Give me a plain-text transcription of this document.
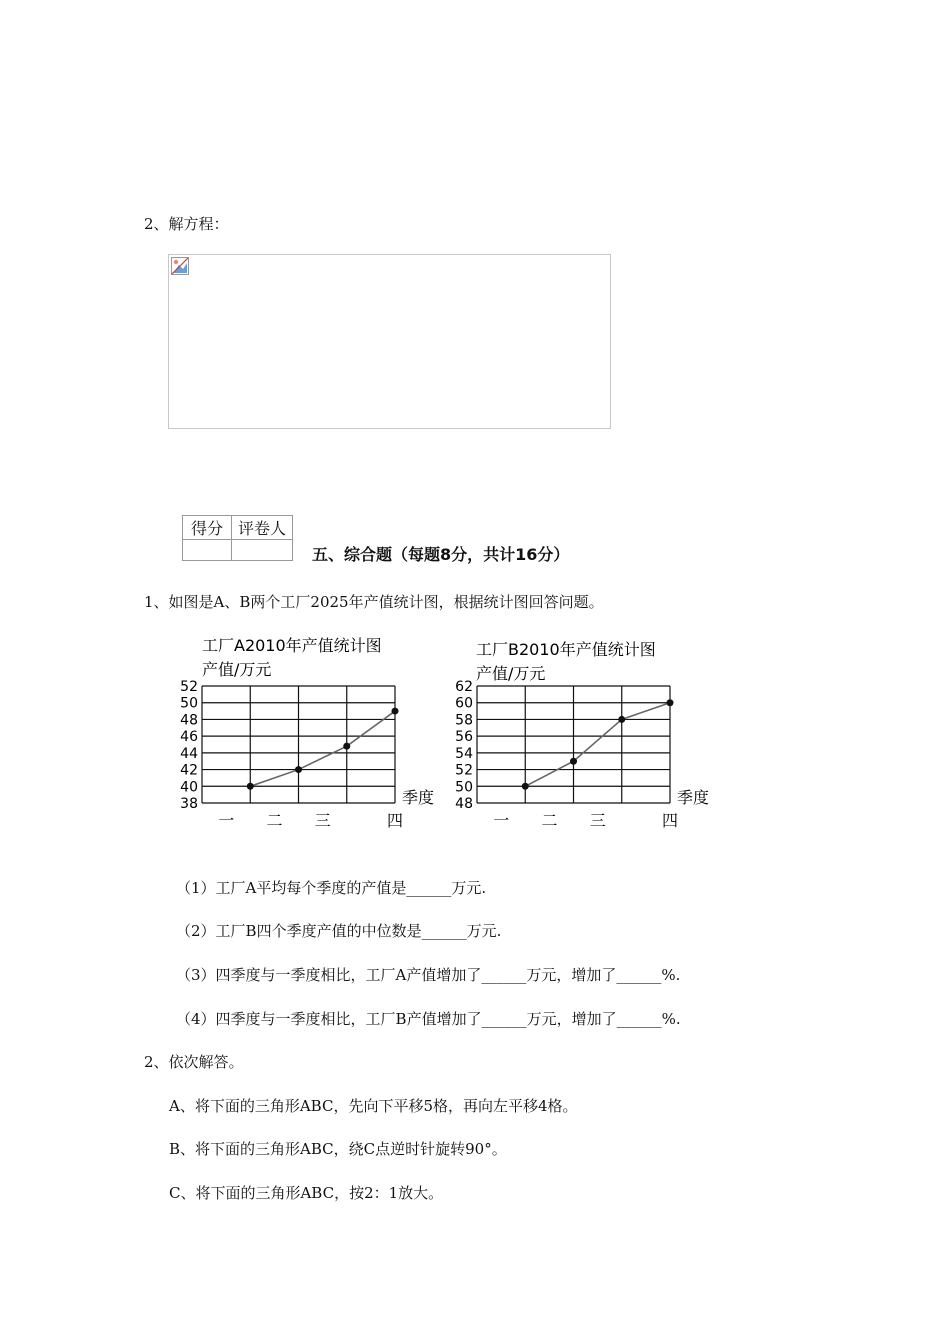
2、解方程：
得分	评卷人

五、综合题（每题8分，共计16分）
1、如图是A、B两个工厂2025年产值统计图，根据统计图回答问题。
工厂A2010年产值统计图
产值/万元
季度
38
40
42
44
46
48
50
52
一 二 三	四
工厂B2010年产值统计图
产值/万元
季度
48
50
52
54
56
58
60
62
一 二 三	四
（1）工厂A平均每个季度的产值是______万元.
（2）工厂B四个季度产值的中位数是______万元.
（3）四季度与一季度相比，工厂A产值增加了______万元，增加了______%.
（4）四季度与一季度相比，工厂B产值增加了______万元，增加了______%.
2、依次解答。
A、将下面的三角形ABC，先向下平移5格，再向左平移4格。
B、将下面的三角形ABC，绕C点逆时针旋转90°。
C、将下面的三角形ABC，按2：1放大。
